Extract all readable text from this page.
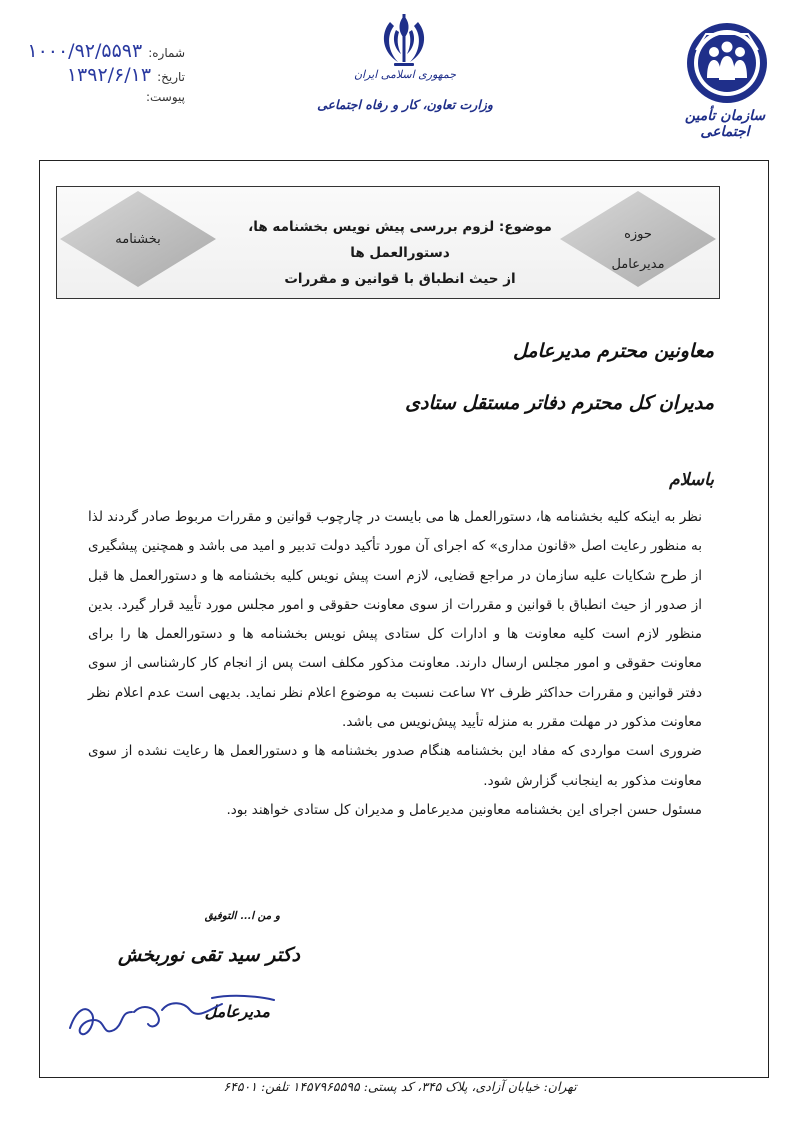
شماره:
۱۰۰۰/۹۲/۵۵۹۳
تاریخ:
۱۳۹۲/۶/۱۳
پیوست:
جمهوری اسلامی ایران
وزارت تعاون، کار و رفاه اجتماعی
سازمان تأمین اجتماعی
بخشنامه	حوزه
مدیرعامل
موضوع: لزوم بررسی پیش نویس بخشنامه ها، دستورالعمل ها
از حیث انطباق با قوانین و مقررات
معاونین محترم مدیرعامل
مدیران کل محترم دفاتر مستقل ستادی
باسلام

نظر به اینکه کلیه بخشنامه ها، دستورالعمل ها می بایست در چارچوب قوانین و مقررات مربوط صادر گردند لذا به منظور رعایت اصل «قانون مداری» که اجرای آن مورد تأکید دولت تدبیر و امید می باشد و همچنین پیشگیری از طرح شکایات علیه سازمان در مراجع قضایی، لازم است پیش نویس کلیه بخشنامه ها و دستورالعمل ها قبل از صدور از حیث انطباق با قوانین و مقررات از سوی معاونت حقوقی و امور مجلس مورد تأیید قرار گیرد. بدین منظور لازم است کلیه معاونت ها و ادارات کل ستادی پیش نویس بخشنامه ها و دستورالعمل ها را برای معاونت حقوقی و امور مجلس ارسال دارند. معاونت مذکور مکلف است پس از انجام کار کارشناسی از سوی دفتر قوانین و مقررات حداکثر ظرف ۷۲ ساعت نسبت به موضوع اعلام نظر نماید. بدیهی است عدم اعلام نظر معاونت مذکور در مهلت مقرر به منزله تأیید پیش‌نویس می باشد.

ضروری است مواردی که مفاد این بخشنامه هنگام صدور بخشنامه ها و دستورالعمل ها رعایت نشده از سوی معاونت مذکور به اینجانب گزارش شود.

مسئول حسن اجرای این بخشنامه معاونین مدیرعامل و مدیران کل ستادی خواهند بود.

و من ا... التوفیق
دکتر سید تقی نوربخش
مدیرعامل
تهران: خیابان آزادی، پلاک ۳۴۵، کد پستی: ۱۴۵۷۹۶۵۵۹۵ تلفن: ۶۴۵۰۱
